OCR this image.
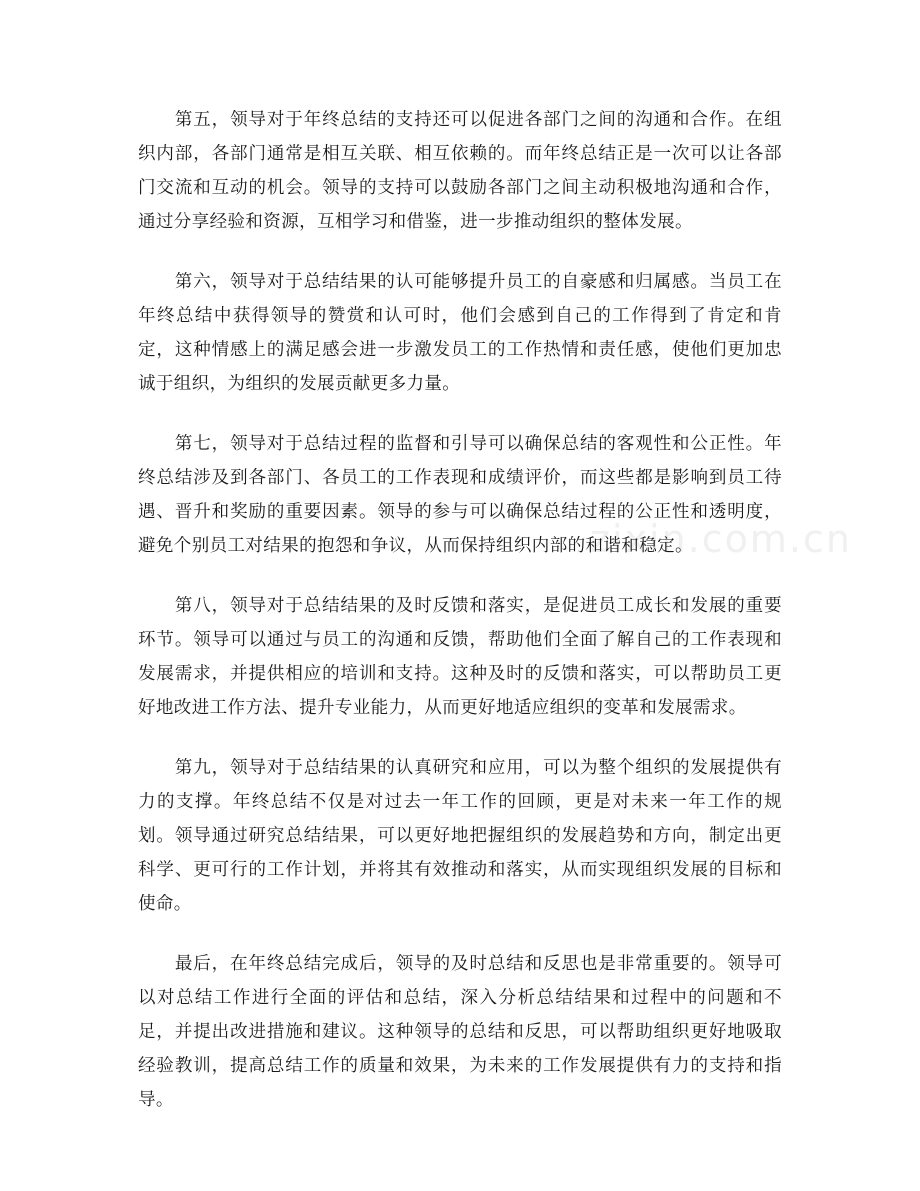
zixin.com.cn

　　第五，领导对于年终总结的支持还可以促进各部门之间的沟通和合作。在组织内部，各部门通常是相互关联、相互依赖的。而年终总结正是一次可以让各部门交流和互动的机会。领导的支持可以鼓励各部门之间主动积极地沟通和合作，通过分享经验和资源，互相学习和借鉴，进一步推动组织的整体发展。

　　第六，领导对于总结结果的认可能够提升员工的自豪感和归属感。当员工在年终总结中获得领导的赞赏和认可时，他们会感到自己的工作得到了肯定和肯定，这种情感上的满足感会进一步激发员工的工作热情和责任感，使他们更加忠诚于组织，为组织的发展贡献更多力量。

　　第七，领导对于总结过程的监督和引导可以确保总结的客观性和公正性。年终总结涉及到各部门、各员工的工作表现和成绩评价，而这些都是影响到员工待遇、晋升和奖励的重要因素。领导的参与可以确保总结过程的公正性和透明度，避免个别员工对结果的抱怨和争议，从而保持组织内部的和谐和稳定。

　　第八，领导对于总结结果的及时反馈和落实，是促进员工成长和发展的重要环节。领导可以通过与员工的沟通和反馈，帮助他们全面了解自己的工作表现和发展需求，并提供相应的培训和支持。这种及时的反馈和落实，可以帮助员工更好地改进工作方法、提升专业能力，从而更好地适应组织的变革和发展需求。

　　第九，领导对于总结结果的认真研究和应用，可以为整个组织的发展提供有力的支撑。年终总结不仅是对过去一年工作的回顾，更是对未来一年工作的规划。领导通过研究总结结果，可以更好地把握组织的发展趋势和方向，制定出更科学、更可行的工作计划，并将其有效推动和落实，从而实现组织发展的目标和使命。

　　最后，在年终总结完成后，领导的及时总结和反思也是非常重要的。领导可以对总结工作进行全面的评估和总结，深入分析总结结果和过程中的问题和不足，并提出改进措施和建议。这种领导的总结和反思，可以帮助组织更好地吸取经验教训，提高总结工作的质量和效果，为未来的工作发展提供有力的支持和指导。
